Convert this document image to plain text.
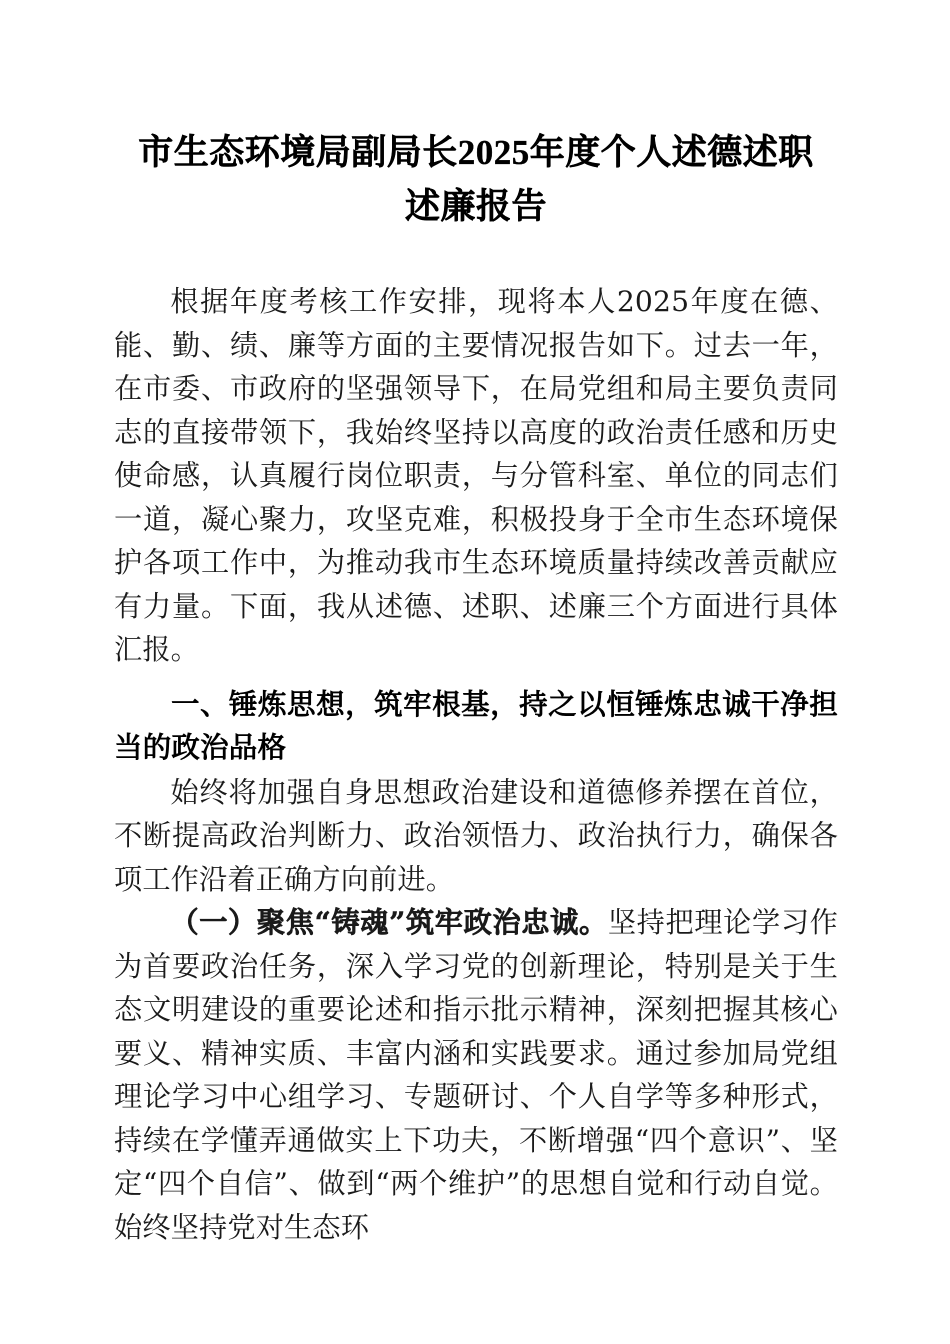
市生态环境局副局长2025年度个人述德述职
述廉报告

根据年度考核工作安排，现将本人2025年度在德、能、勤、绩、廉等方面的主要情况报告如下。过去一年，在市委、市政府的坚强领导下，在局党组和局主要负责同志的直接带领下，我始终坚持以高度的政治责任感和历史使命感，认真履行岗位职责，与分管科室、单位的同志们一道，凝心聚力，攻坚克难，积极投身于全市生态环境保护各项工作中，为推动我市生态环境质量持续改善贡献应有力量。下面，我从述德、述职、述廉三个方面进行具体汇报。

一、锤炼思想，筑牢根基，持之以恒锤炼忠诚干净担当的政治品格

始终将加强自身思想政治建设和道德修养摆在首位，不断提高政治判断力、政治领悟力、政治执行力，确保各项工作沿着正确方向前进。

（一）聚焦“铸魂”筑牢政治忠诚。坚持把理论学习作为首要政治任务，深入学习党的创新理论，特别是关于生态文明建设的重要论述和指示批示精神，深刻把握其核心要义、精神实质、丰富内涵和实践要求。通过参加局党组理论学习中心组学习、专题研讨、个人自学等多种形式，持续在学懂弄通做实上下功夫，不断增强“四个意识”、坚定“四个自信”、做到“两个维护”的思想自觉和行动自觉。始终坚持党对生态环
